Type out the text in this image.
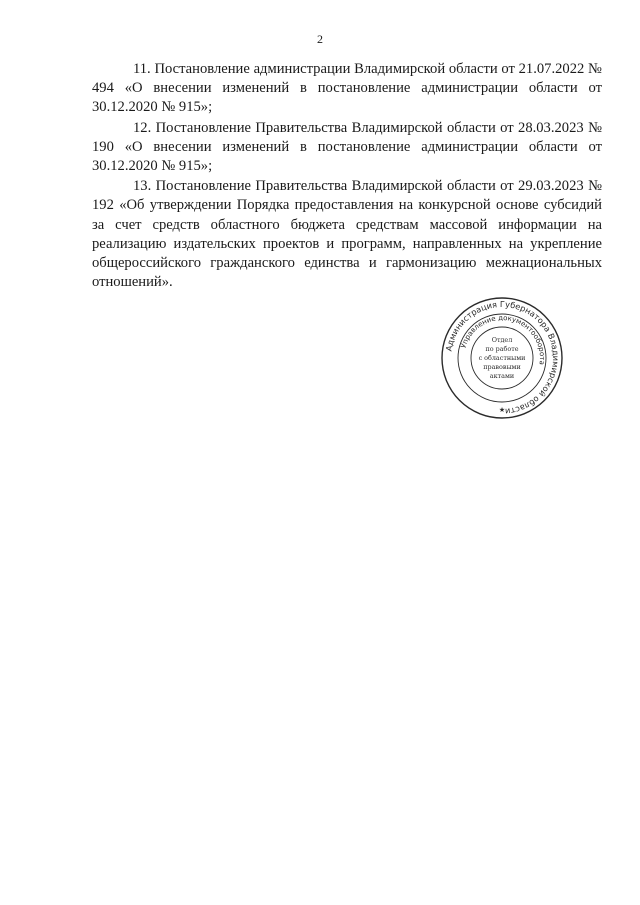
2

11. Постановление администрации Владимирской области от 21.07.2022 № 494 «О внесении изменений в постановление администрации области от 30.12.2020 № 915»;

12. Постановление Правительства Владимирской области от 28.03.2023 № 190 «О внесении изменений в постановление администрации области от 30.12.2020 № 915»;

13. Постановление Правительства Владимирской области от 29.03.2023 № 192 «Об утверждении Порядка предоставления на конкурсной основе субсидий за счет средств областного бюджета средствам массовой информации на реализацию издательских проектов и программ, направленных на укрепление общероссийского гражданского единства и гармонизацию межнациональных отношений».

Администрация Губернатора Владимирской области
Управление документооборота
★
Отдел
по работе
с областными
правовыми
актами
